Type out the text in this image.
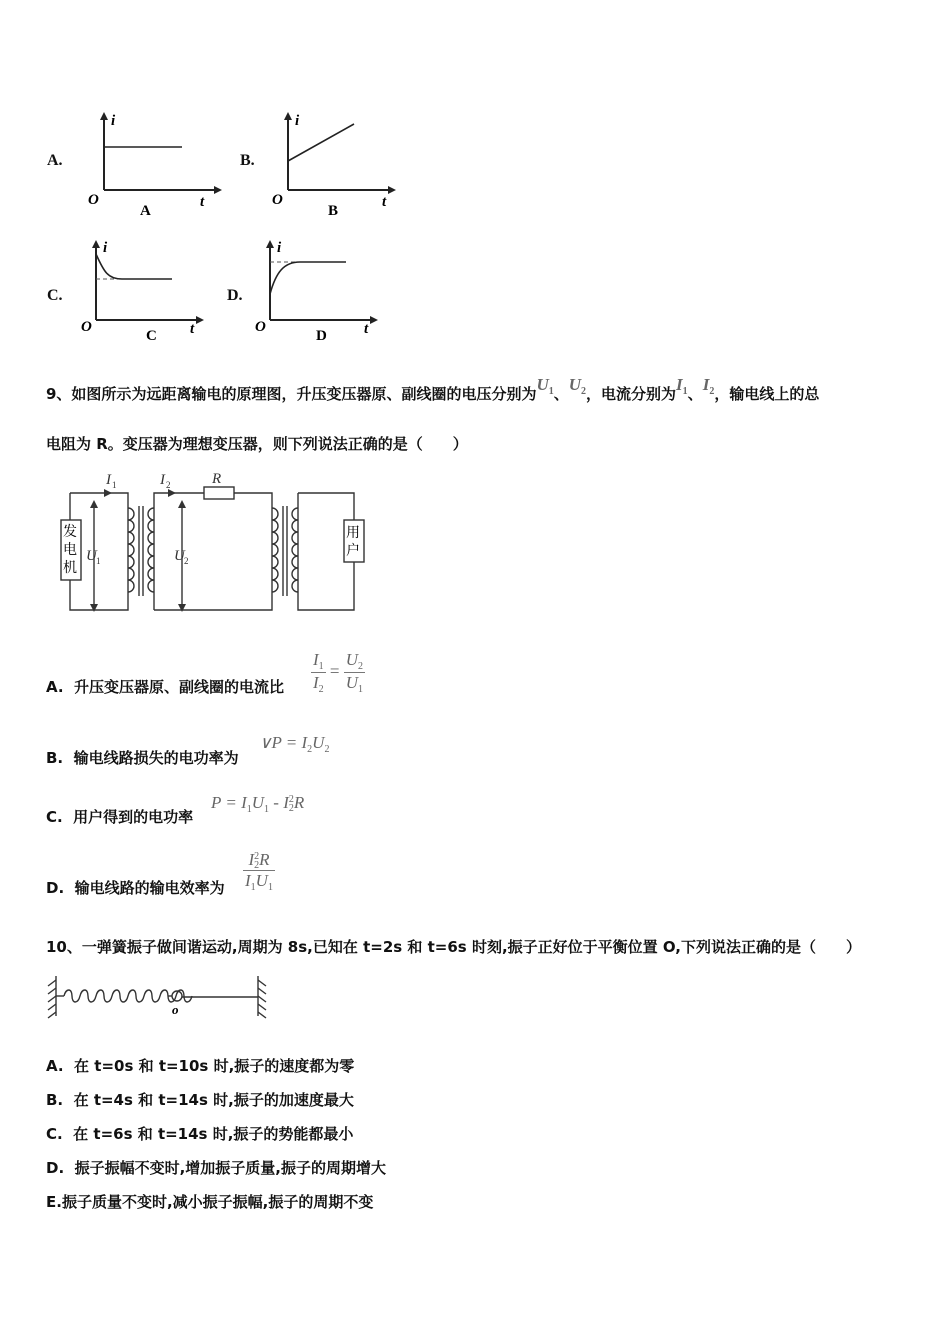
A.
i
t
O
A
B.
i
t
O
B
C.
i
t
O
C
D.
i
t
O
D
9、如图所示为远距离输电的原理图，升压变压器原、副线圈的电压分别为$U_1$、$U_2$，电流分别为$I_1$、$I_2$，输电线上的总
电阻为 R。变压器为理想变压器，则下列说法正确的是（　　）
发
电
机
用
户
I 1	I 2	R
U 1	U 2
A. 升压变压器原、副线圈的电流比 $\frac{I_1}{I_2} = \frac{U_2}{U_1}$
B. 输电线路损失的电功率为
∨P = $I_2U_2$
C. 用户得到的电功率
$P = I_1U_1 - I2$
2R
D. 输电线路的输电效率为
I2
2R
$I_1U_1$
10、一弹簧振子做间谐运动,周期为 8s,已知在 t=2s 和 t=6s 时刻,振子正好位于平衡位置 O,下列说法正确的是（　　）
o
A. 在 t=0s 和 t=10s 时,振子的速度都为零
B. 在 t=4s 和 t=14s 时,振子的加速度最大
C. 在 t=6s 和 t=14s 时,振子的势能都最小
D. 振子振幅不变时,增加振子质量,振子的周期增大
E.振子质量不变时,减小振子振幅,振子的周期不变
